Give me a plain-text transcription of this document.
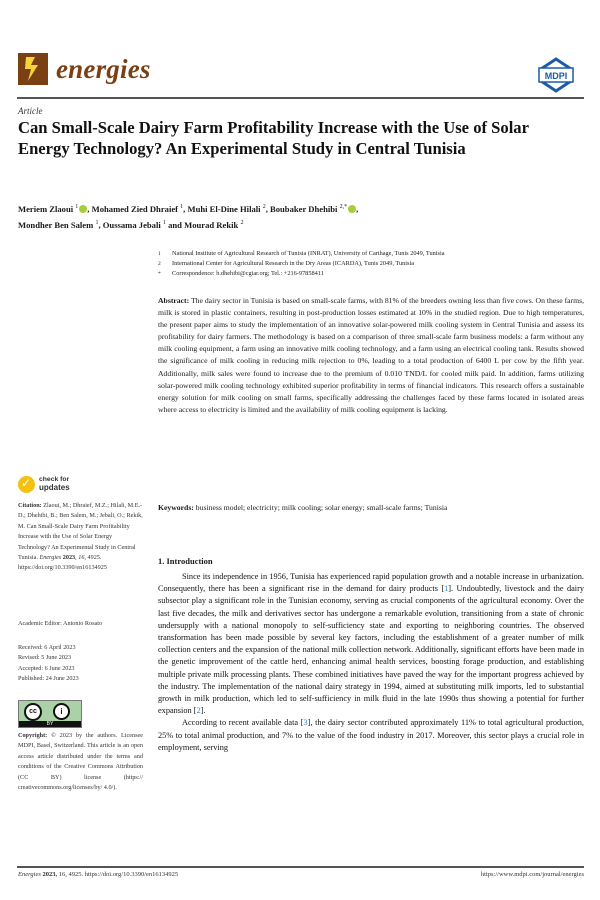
energies	MDPI
Article
Can Small-Scale Dairy Farm Profitability Increase with the Use of Solar Energy Technology? An Experimental Study in Central Tunisia
Meriem Zlaoui $^1$ , Mohamed Zied Dhraief $^1$, Muhi El-Dine Hilali $^2$, Boubaker Dhehibi $^{2,*}$ ,
Mondher Ben Salem $^1$, Oussama Jebali $^1$ and Mourad Rekik $^2$
1	National Institute of Agricultural Research of Tunisia (INRAT), University of Carthage, Tunis 2049, Tunisia
2	International Center for Agricultural Research in the Dry Areas (ICARDA), Tunis 2049, Tunisia
*	Correspondence: b.dhehibi@cgiar.org; Tel.: +216-97858411
Abstract: The dairy sector in Tunisia is based on small-scale farms, with 81% of the breeders owning less than five cows. On these farms, milk is stored in plastic containers, resulting in post-production losses estimated at 10% in the studied region. Due to high temperatures, the present paper aims to study the implementation of an innovative solar-powered milk cooling system in Central Tunisia and assess its profitability for dairy farmers. The methodology is based on a comparison of three small-scale farm business models: a farm without any milk cooling equipment, a farm using an innovative milk cooling technology, and a farm using an electrical cooling tank. Results showed the significance of milk cooling in reducing milk rejection to 0%, leading to a total production of 6400 L per cow by the fifth year. Additionally, milk sales were found to increase due to the premium of 0.010 TND/L for cooled milk paid. In addition, farms utilizing solar-powered milk cooling technology exhibited superior profitability in terms of financial indicators. This research offers a sustainable energy solution for milk cooling on small farms, specifically addressing the challenges faced by these farms located in isolated areas where access to electricity is limited and the availability of milk cooling equipment is lacking.
Keywords: business model; electricity; milk cooling; solar energy; small-scale farms; Tunisia
✓ check for
updates
Citation: Zlaoui, M.; Dhraief, M.Z.; Hilali, M.E.-D.; Dhehibi, B.; Ben Salem, M.; Jebali, O.; Rekik, M. Can Small-Scale Dairy Farm Profitability Increase with the Use of Solar Energy Technology? An Experimental Study in Central Tunisia. Energies 2023, 16, 4925. https://doi.org/10.3390/en16134925
Academic Editor: Antonio Rosato
Received: 6 April 2023
Revised: 5 June 2023
Accepted: 6 June 2023
Published: 24 June 2023
cc	i
BY
Copyright: © 2023 by the authors. Licensee MDPI, Basel, Switzerland. This article is an open access article distributed under the terms and conditions of the Creative Commons Attribution (CC BY) license (https:// creativecommons.org/licenses/by/ 4.0/).
1. Introduction

Since its independence in 1956, Tunisia has experienced rapid population growth and a notable increase in urbanization. Consequently, there has been a significant rise in the demand for dairy products [1]. Undoubtedly, livestock and the dairy subsector play a significant role in the Tunisian economy, serving as crucial components of the agricultural economy. Over the last five decades, the milk and derivatives sector has undergone a remarkable evolution, transitioning from a state of chronic undersupply with a national monopoly to self-sufficiency state and exporting to neighboring countries. The observed transformation has been made possible by several key factors, including the establishment of a greater number of milk collection centers and the expansion of the national milk collection network. Additionally, significant efforts have been made in the genetic improvement of the cattle herd, enhancing animal health services, boosting forage production, and establishing multiple private milk processing plants. These combined initiatives have paved the way for the important progress achieved by the industry. The implementation of the national dairy strategy in 1994, aimed at substituting milk imports, led to substantial growth in milk production, which led to self-sufficiency in milk fluid in the late 1990s thus showing a potential for further expansion [2].

According to recent available data [3], the dairy sector contributed approximately 11% to total agricultural production, 25% to total animal production, and 7% to the value of the food industry in 2017. Moreover, this sector plays a crucial role in employment, serving

Energies 2023, 16, 4925. https://doi.org/10.3390/en16134925	https://www.mdpi.com/journal/energies
